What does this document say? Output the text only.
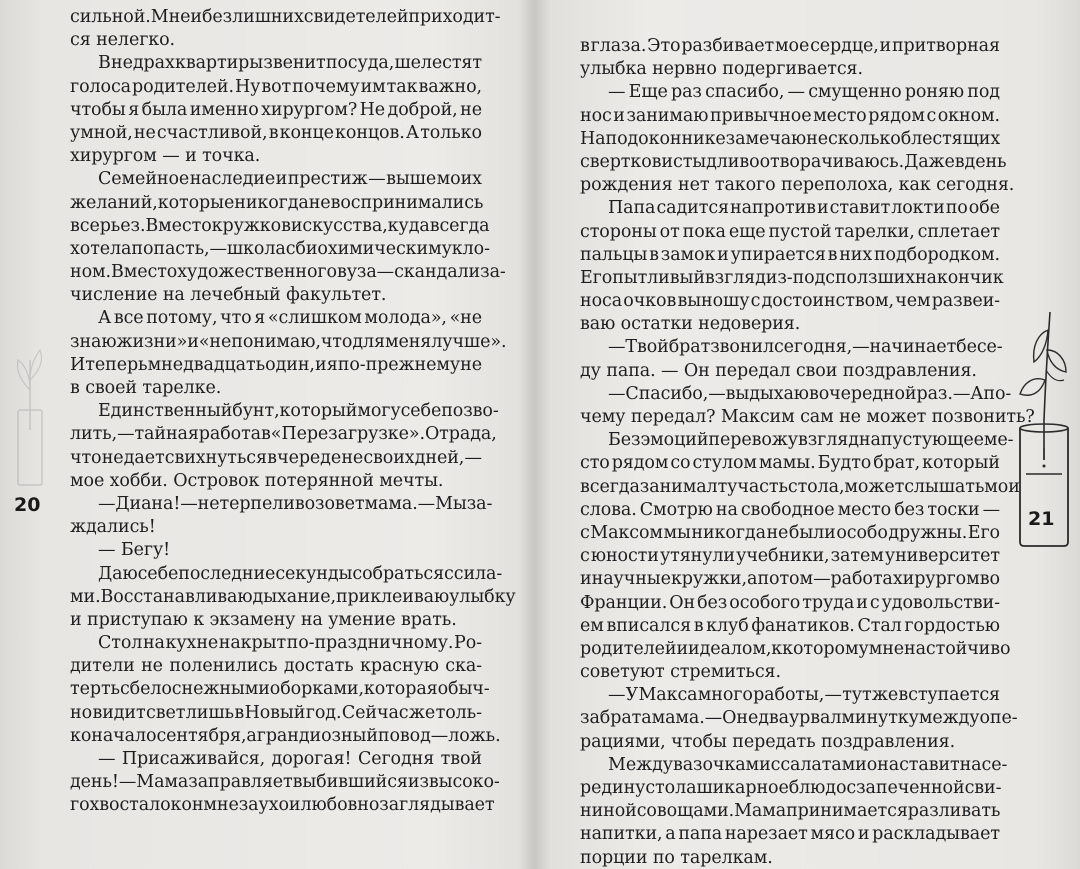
сильной. Мне и без лишних свидетелей приходит-
ся нелегко.
В недрах квартиры звенит посуда, шелестят
голоса родителей. Ну вот почему им так важно,
чтобы я была именно хирургом? Не доброй, не
умной, не счастливой, в конце концов. А только
хирургом — и точка.
Семейное наследие и престиж — выше моих
желаний, которые никогда не воспринимались
всерьез. Вместо кружков искусства, куда всегда
хотела попасть, — школа с биохимическим укло-
ном. Вместо художественного вуза — скандал и за-
числение на лечебный факультет.
А все потому, что я «слишком молода», «не
знаю жизни» и «не понимаю, что для меня лучше».
И теперь мне двадцать один, и я по-прежнему не
в своей тарелке.
Единственный бунт, который могу себе позво-
лить, — тайная работа в «Перезагрузке». Отрада,
что не дает свихнуться в череде не своих дней, —
мое хобби. Островок потерянной мечты.
— Диана! — нетерпеливо зовет мама. — Мы за-
ждались!
— Бегу!
Даю себе последние секунды собраться с сила-
ми. Восстанавливаю дыхание, приклеиваю улыбку
и приступаю к экзамену на умение врать.
Стол на кухне накрыт по-праздничному. Ро-
дители не поленились достать красную ска-
терть с белоснежными оборками, которая обыч-
но видит свет лишь в Новый год. Сейчас же толь-
ко начало сентября, а грандиозный повод — ложь.
— Присаживайся, дорогая! Сегодня твой
день! — Мама заправляет выбившийся из высоко-
го хвоста локон мне за ухо и любовно заглядывает
20
в глаза. Это разбивает мое сердце, и притворная
улыбка нервно подергивается.
— Еще раз спасибо, — смущенно роняю под
нос и занимаю привычное место рядом с окном.
На подоконнике замечаю несколько блестящих
свертков и стыдливо отворачиваюсь. Даже в день
рождения нет такого переполоха, как сегодня.
Папа садится напротив и ставит локти по обе
стороны от пока еще пустой тарелки, сплетает
пальцы в замок и упирается в них подбородком.
Его пытливый взгляд из-под сползших на кончик
носа очков выношу с достоинством, чем развеи-
ваю остатки недоверия.
— Твой брат звонил сегодня, — начинает бесе-
ду папа. — Он передал свои поздравления.
— Спасибо, — выдыхаю в очередной раз. — А по-
чему передал? Максим сам не может позвонить?
Без эмоций перевожу взгляд на пустующее ме-
сто рядом со стулом мамы. Будто брат, который
всегда занимал ту часть стола, может слышать мои
слова. Смотрю на свободное место без тоски —
с Максом мы никогда не были особо дружны. Его
с юности утянули учебники, затем университет
и научные кружки, а потом — работа хирургом во
Франции. Он без особого труда и с удовольстви-
ем вписался в клуб фанатиков. Стал гордостью
родителей и идеалом, к которому мне настойчиво
советуют стремиться.
— У Макса много работы, — тут же вступается
за брата мама. — Он едва урвал минутку между опе-
рациями, чтобы передать поздравления.
Между вазочками с салатами она ставит на се-
редину стола шикарное блюдо с запеченной сви-
ниной с овощами. Мама принимается разливать
напитки, а папа нарезает мясо и раскладывает
порции по тарелкам.
21
